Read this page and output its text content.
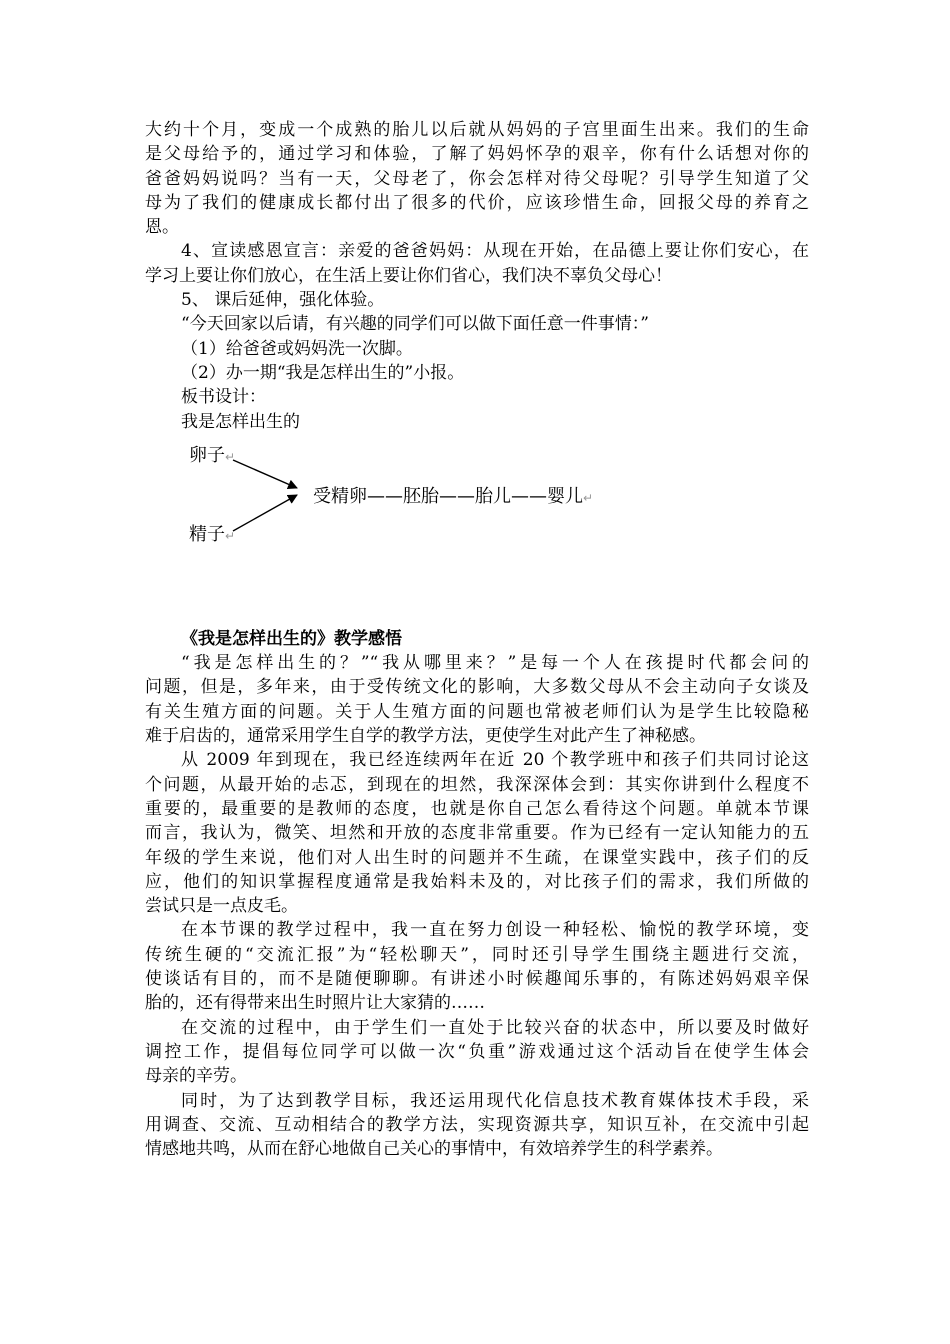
大约十个月，变成一个成熟的胎儿以后就从妈妈的子宫里面生出来。我们的生命
是父母给予的，通过学习和体验，了解了妈妈怀孕的艰辛，你有什么话想对你的
爸爸妈妈说吗？当有一天，父母老了，你会怎样对待父母呢？引导学生知道了父
母为了我们的健康成长都付出了很多的代价，应该珍惜生命，回报父母的养育之
恩。
4、宣读感恩宣言：亲爱的爸爸妈妈：从现在开始，在品德上要让你们安心，在
学习上要让你们放心，在生活上要让你们省心，我们决不辜负父母心！
5、 课后延伸，强化体验。
“今天回家以后请，有兴趣的同学们可以做下面任意一件事情：”
（1）给爸爸或妈妈洗一次脚。
（2）办一期“我是怎样出生的”小报。
板书设计：
我是怎样出生的
卵子↵
受精卵——胚胎——胎儿——婴儿↵
精子↵
《我是怎样出生的》教学感悟
“我是怎样出生的？”“我从哪里来？”是每一个人在孩提时代都会问的
问题，但是，多年来，由于受传统文化的影响，大多数父母从不会主动向子女谈及
有关生殖方面的问题。关于人生殖方面的问题也常被老师们认为是学生比较隐秘
难于启齿的，通常采用学生自学的教学方法，更使学生对此产生了神秘感。
从 2009 年到现在，我已经连续两年在近 20 个教学班中和孩子们共同讨论这
个问题，从最开始的忐忑，到现在的坦然，我深深体会到：其实你讲到什么程度不
重要的，最重要的是教师的态度，也就是你自己怎么看待这个问题。单就本节课
而言，我认为，微笑、坦然和开放的态度非常重要。作为已经有一定认知能力的五
年级的学生来说，他们对人出生时的问题并不生疏，在课堂实践中，孩子们的反
应，他们的知识掌握程度通常是我始料未及的，对比孩子们的需求，我们所做的
尝试只是一点皮毛。
在本节课的教学过程中，我一直在努力创设一种轻松、愉悦的教学环境，变
传统生硬的“交流汇报”为“轻松聊天”，同时还引导学生围绕主题进行交流，
使谈话有目的，而不是随便聊聊。有讲述小时候趣闻乐事的，有陈述妈妈艰辛保
胎的，还有得带来出生时照片让大家猜的……
在交流的过程中，由于学生们一直处于比较兴奋的状态中，所以要及时做好
调控工作，提倡每位同学可以做一次“负重”游戏通过这个活动旨在使学生体会
母亲的辛劳。
同时，为了达到教学目标，我还运用现代化信息技术教育媒体技术手段，采
用调查、交流、互动相结合的教学方法，实现资源共享，知识互补，在交流中引起
情感地共鸣，从而在舒心地做自己关心的事情中，有效培养学生的科学素养。
